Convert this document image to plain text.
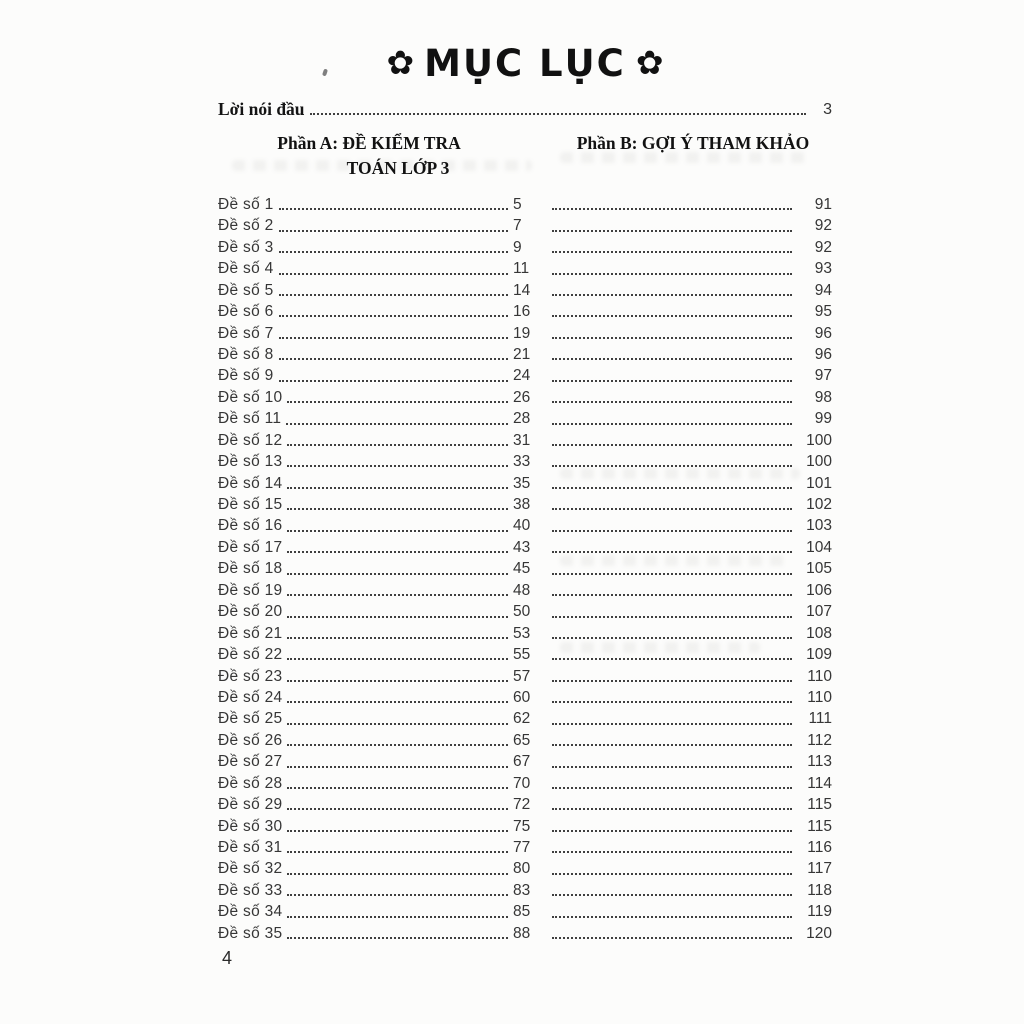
✿ MỤC LỤC ✿
Lời nói đầu	3
Phần A: ĐỀ KIỂM TRA
TOÁN LỚP 3
Phần B: GỢI Ý THAM KHẢO
Đề số 1	5	91
Đề số 2	7	92
Đề số 3	9	92
Đề số 4	11	93
Đề số 5	14	94
Đề số 6	16	95
Đề số 7	19	96
Đề số 8	21	96
Đề số 9	24	97
Đề số 10	26	98
Đề số 11	28	99
Đề số 12	31	100
Đề số 13	33	100
Đề số 14	35	101
Đề số 15	38	102
Đề số 16	40	103
Đề số 17	43	104
Đề số 18	45	105
Đề số 19	48	106
Đề số 20	50	107
Đề số 21	53	108
Đề số 22	55	109
Đề số 23	57	110
Đề số 24	60	110
Đề số 25	62	111
Đề số 26	65	112
Đề số 27	67	113
Đề số 28	70	114
Đề số 29	72	115
Đề số 30	75	115
Đề số 31	77	116
Đề số 32	80	117
Đề số 33	83	118
Đề số 34	85	119
Đề số 35	88	120
4
